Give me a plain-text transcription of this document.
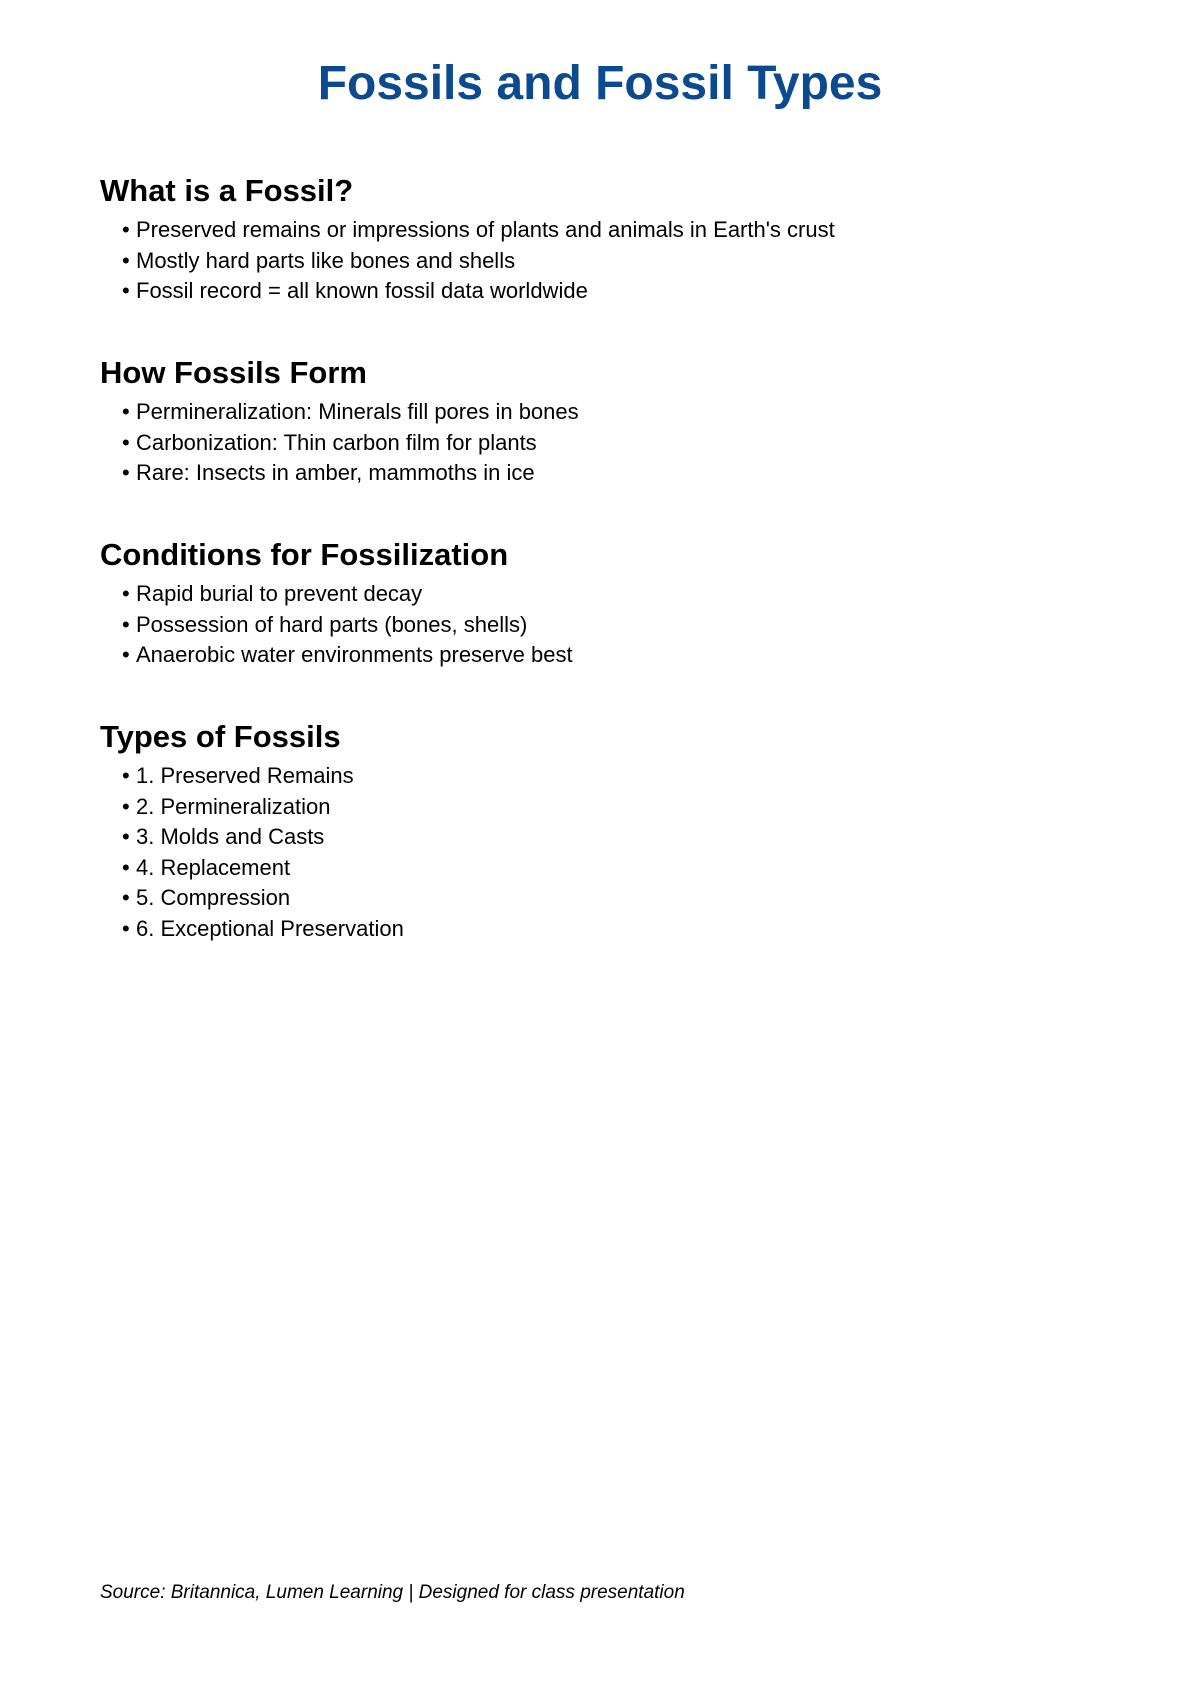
Fossils and Fossil Types
What is a Fossil?
• Preserved remains or impressions of plants and animals in Earth's crust
• Mostly hard parts like bones and shells
• Fossil record = all known fossil data worldwide
How Fossils Form
• Permineralization: Minerals fill pores in bones
• Carbonization: Thin carbon film for plants
• Rare: Insects in amber, mammoths in ice
Conditions for Fossilization
• Rapid burial to prevent decay
• Possession of hard parts (bones, shells)
• Anaerobic water environments preserve best
Types of Fossils
• 1. Preserved Remains
• 2. Permineralization
• 3. Molds and Casts
• 4. Replacement
• 5. Compression
• 6. Exceptional Preservation

Source: Britannica, Lumen Learning | Designed for class presentation
